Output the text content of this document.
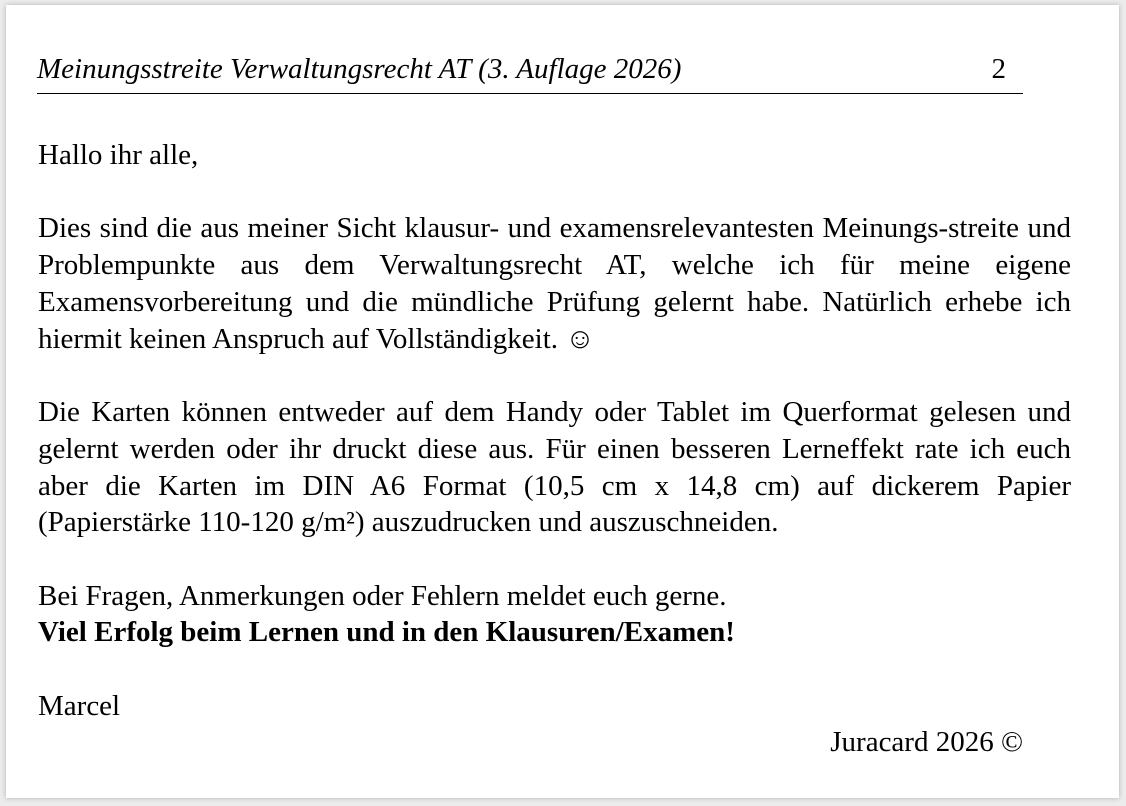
Meinungsstreite Verwaltungsrecht AT (3. Auflage 2026)	2

Hallo ihr alle,

Dies sind die aus meiner Sicht klausur- und examensrelevantesten Meinungs-streite und Problempunkte aus dem Verwaltungsrecht AT, welche ich für meine eigene Examensvorbereitung und die mündliche Prüfung gelernt habe. Natürlich erhebe ich hiermit keinen Anspruch auf Vollständigkeit. ☺

Die Karten können entweder auf dem Handy oder Tablet im Querformat gelesen und gelernt werden oder ihr druckt diese aus. Für einen besseren Lerneffekt rate ich euch aber die Karten im DIN A6 Format (10,5 cm x 14,8 cm) auf dickerem Papier (Papierstärke 110-120 g/m²) auszudrucken und auszuschneiden.

Bei Fragen, Anmerkungen oder Fehlern meldet euch gerne.
Viel Erfolg beim Lernen und in den Klausuren/Examen!

Marcel

Juracard 2026 ©
